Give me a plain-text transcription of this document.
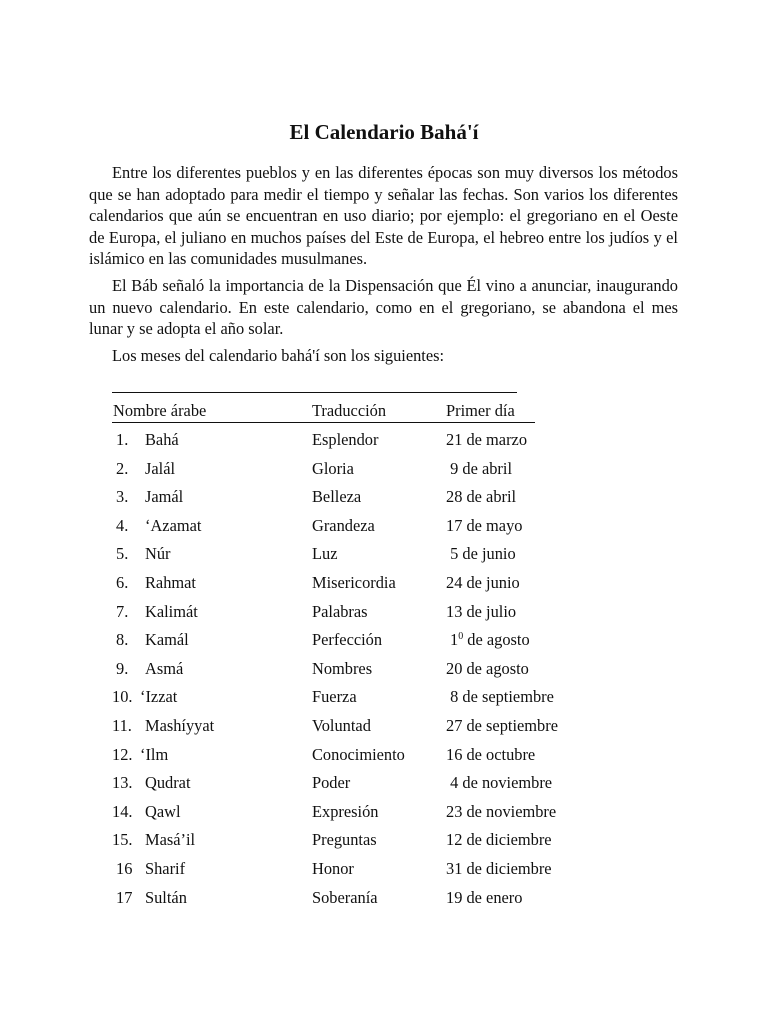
El Calendario Bahá'í

Entre los diferentes pueblos y en las diferentes épocas son muy diversos los métodos que se han adoptado para medir el tiempo y señalar las fechas. Son varios los diferentes calendarios que aún se encuentran en uso diario; por ejemplo: el gregoriano en el Oeste de Europa, el juliano en muchos países del Este de Europa, el hebreo entre los judíos y el islámico en las comunidades musulmanes.

El Báb señaló la importancia de la Dispensación que Él vino a anunciar, inaugurando un nuevo calendario. En este calendario, como en el gregoriano, se abandona el mes lunar y se adopta el año solar.

Los meses del calendario bahá'í son los siguientes:

Nombre árabe	Traducción	Primer día
1. Bahá	Esplendor	21 de marzo
2. Jalál	Gloria	9 de abril
3. Jamál	Belleza	28 de abril
4. ‘Azamat	Grandeza	17 de mayo
5. Núr	Luz	5 de junio
6. Rahmat	Misericordia	24 de junio
7. Kalimát	Palabras	13 de julio
8. Kamál	Perfección	$1^0$ de agosto
9. Asmá	Nombres	20 de agosto
10. ‘Izzat	Fuerza	8 de septiembre
11. Mashíyyat	Voluntad	27 de septiembre
12. ‘Ilm	Conocimiento	16 de octubre
13. Qudrat	Poder	4 de noviembre
14. Qawl	Expresión	23 de noviembre
15. Masá’il	Preguntas	12 de diciembre
16 Sharif	Honor	31 de diciembre
17 Sultán	Soberanía	19 de enero
